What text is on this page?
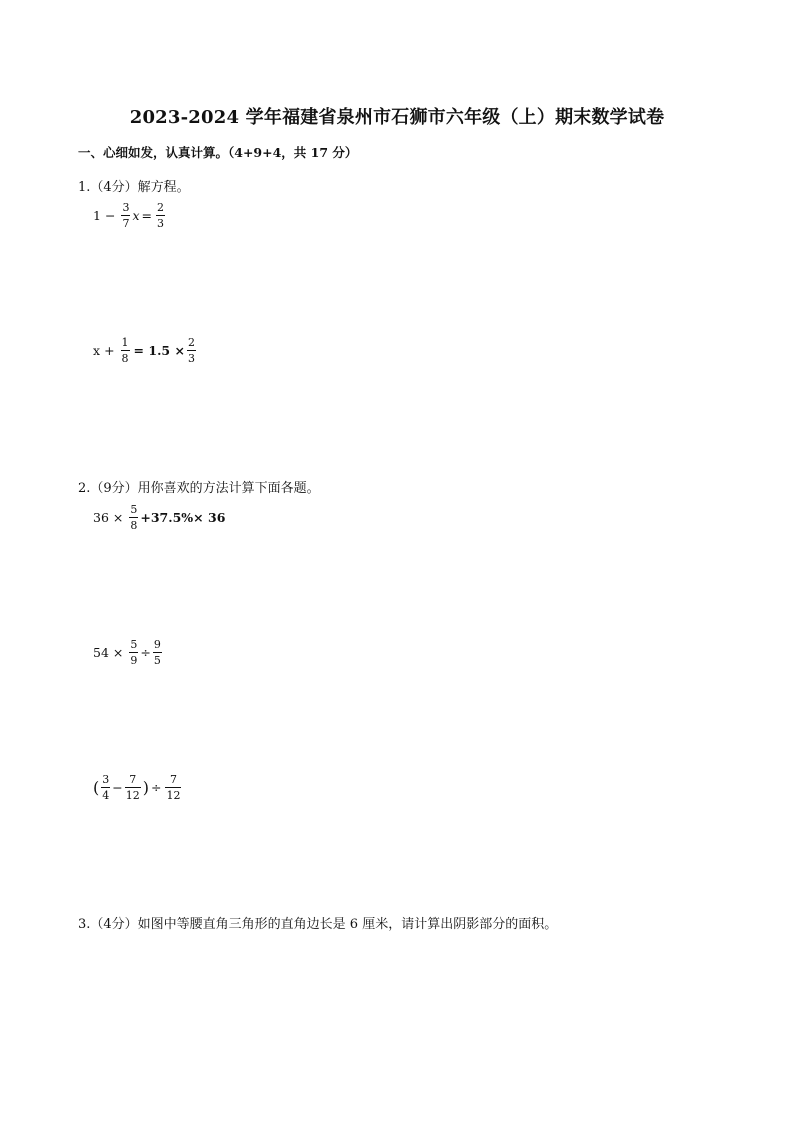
2023-2024 学年福建省泉州市石狮市六年级（上）期末数学试卷
一、心细如发，认真计算。（4+9+4，共 17 分）
1.（4分）解方程。
$1 - \frac{3}{7}$ $x = \frac{2}{3}$
$x + \frac{1}{8} = 1.5 \times \frac{2}{3}$
2.（9分）用你喜欢的方法计算下面各题。
$36 \times \frac{5}{8} +37.5\%\times 36$
$54 \times \frac{5}{9} \div \frac{9}{5}$
( $\frac{3}{4} - \frac{7}{12}$ ) ÷ $\frac{7}{12}$
3.（4分）如图中等腰直角三角形的直角边长是 6 厘米，请计算出阴影部分的面积。
